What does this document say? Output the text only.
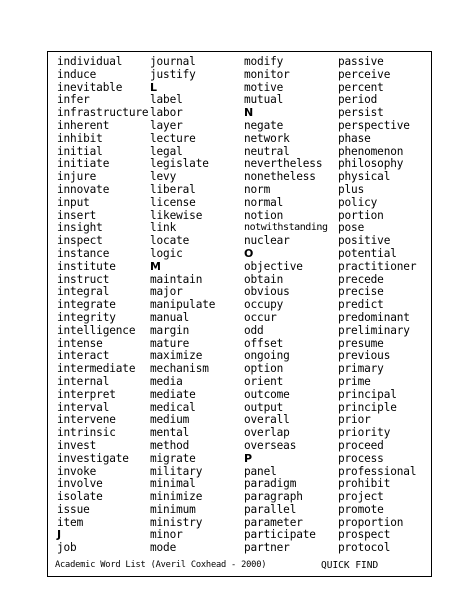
individual
induce
inevitable
infer
infrastructure
inherent
inhibit
initial
initiate
injure
innovate
input
insert
insight
inspect
instance
institute
instruct
integral
integrate
integrity
intelligence
intense
interact
intermediate
internal
interpret
interval
intervene
intrinsic
invest
investigate
invoke
involve
isolate
issue
item
J
job
journal
justify
L
label
labor
layer
lecture
legal
legislate
levy
liberal
license
likewise
link
locate
logic
M
maintain
major
manipulate
manual
margin
mature
maximize
mechanism
media
mediate
medical
medium
mental
method
migrate
military
minimal
minimize
minimum
ministry
minor
mode
modify
monitor
motive
mutual
N
negate
network
neutral
nevertheless
nonetheless
norm
normal
notion
notwithstanding
nuclear
O
objective
obtain
obvious
occupy
occur
odd
offset
ongoing
option
orient
outcome
output
overall
overlap
overseas
P
panel
paradigm
paragraph
parallel
parameter
participate
partner
passive
perceive
percent
period
persist
perspective
phase
phenomenon
philosophy
physical
plus
policy
portion
pose
positive
potential
practitioner
precede
precise
predict
predominant
preliminary
presume
previous
primary
prime
principal
principle
prior
priority
proceed
process
professional
prohibit
project
promote
proportion
prospect
protocol
Academic Word List (Averil Coxhead - 2000)	QUICK FIND
